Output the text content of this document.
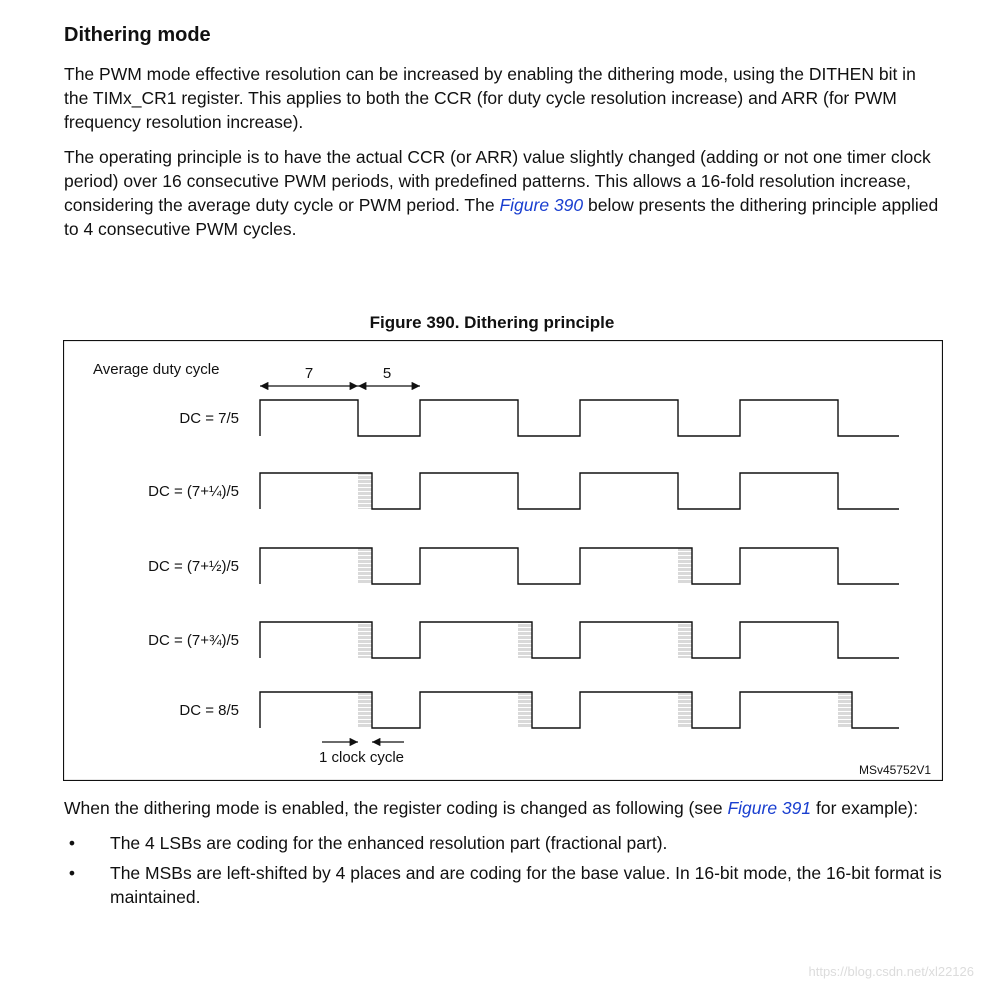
Dithering mode

The PWM mode effective resolution can be increased by enabling the dithering mode, using the DITHEN bit in the TIMx_CR1 register. This applies to both the CCR (for duty cycle resolution increase) and ARR (for PWM frequency resolution increase).

The operating principle is to have the actual CCR (or ARR) value slightly changed (adding or not one timer clock period) over 16 consecutive PWM periods, with predefined patterns. This allows a 16-fold resolution increase, considering the average duty cycle or PWM period. The Figure 390 below presents the dithering principle applied to 4 consecutive PWM cycles.

Figure 390. Dithering principle
Average duty cycle	7	5
DC = 7/5
DC = (7+¼)/5
DC = (7+½)/5
DC = (7+¾)/5
DC = 8/5
1 clock cycle
MSv45752V1

When the dithering mode is enabled, the register coding is changed as following (see Figure 391 for example):

• The 4 LSBs are coding for the enhanced resolution part (fractional part).
• The MSBs are left-shifted by 4 places and are coding for the base value. In 16-bit mode, the 16-bit format is maintained.
https://blog.csdn.net/xl22126
